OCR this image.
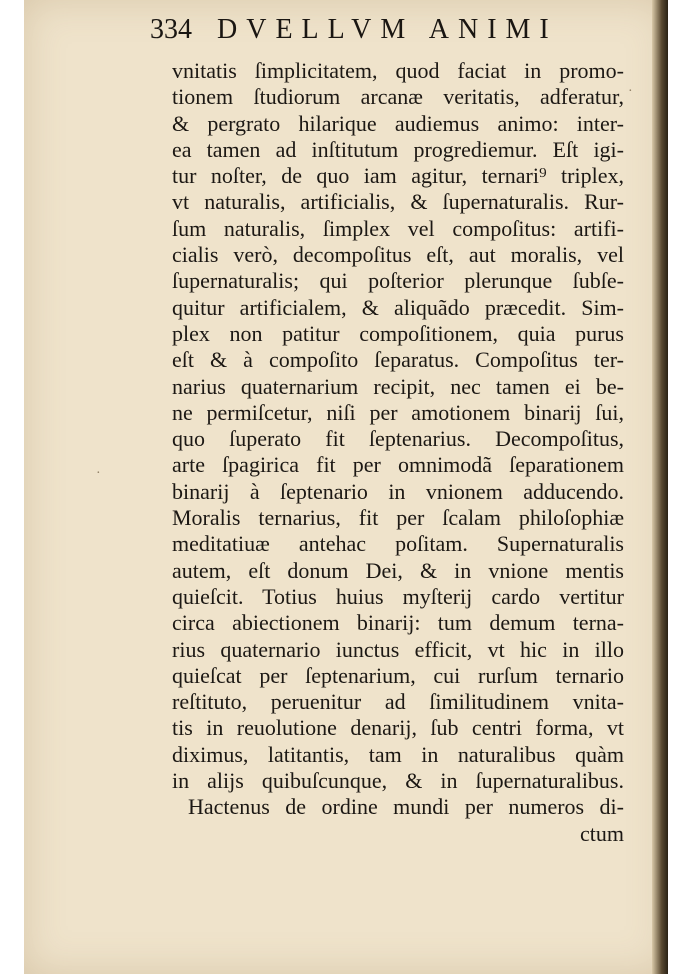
334 DVELLVM ANIMI
·
·
vnitatis ſimplicitatem, quod faciat in promo-
tionem ſtudiorum arcanæ veritatis, adferatur,
& pergrato hilarique audiemus animo: inter-
ea tamen ad inſtitutum progrediemur. Eſt igi-
tur noſter, de quo iam agitur, ternari⁹ triplex,
vt naturalis, artificialis, & ſupernaturalis. Rur-
ſum naturalis, ſimplex vel compoſitus: artifi-
cialis verò, decompoſitus eſt, aut moralis, vel
ſupernaturalis; qui poſterior plerunque ſubſe-
quitur artificialem, & aliquãdo præcedit. Sim-
plex non patitur compoſitionem, quia purus
eſt & à compoſito ſeparatus. Compoſitus ter-
narius quaternarium recipit, nec tamen ei be-
ne permiſcetur, niſi per amotionem binarij ſui,
quo ſuperato fit ſeptenarius. Decompoſitus,
arte ſpagirica fit per omnimodã ſeparationem
binarij à ſeptenario in vnionem adducendo.
Moralis ternarius, fit per ſcalam philoſophiæ
meditatiuæ antehac poſitam. Supernaturalis
autem, eſt donum Dei, & in vnione mentis
quieſcit. Totius huius myſterij cardo vertitur
circa abiectionem binarij: tum demum terna-
rius quaternario iunctus efficit, vt hic in illo
quieſcat per ſeptenarium, cui rurſum ternario
reſtituto, peruenitur ad ſimilitudinem vnita-
tis in reuolutione denarij, ſub centri forma, vt
diximus, latitantis, tam in naturalibus quàm
in alijs quibuſcunque, & in ſupernaturalibus.
Hactenus de ordine mundi per numeros di-
ctum
